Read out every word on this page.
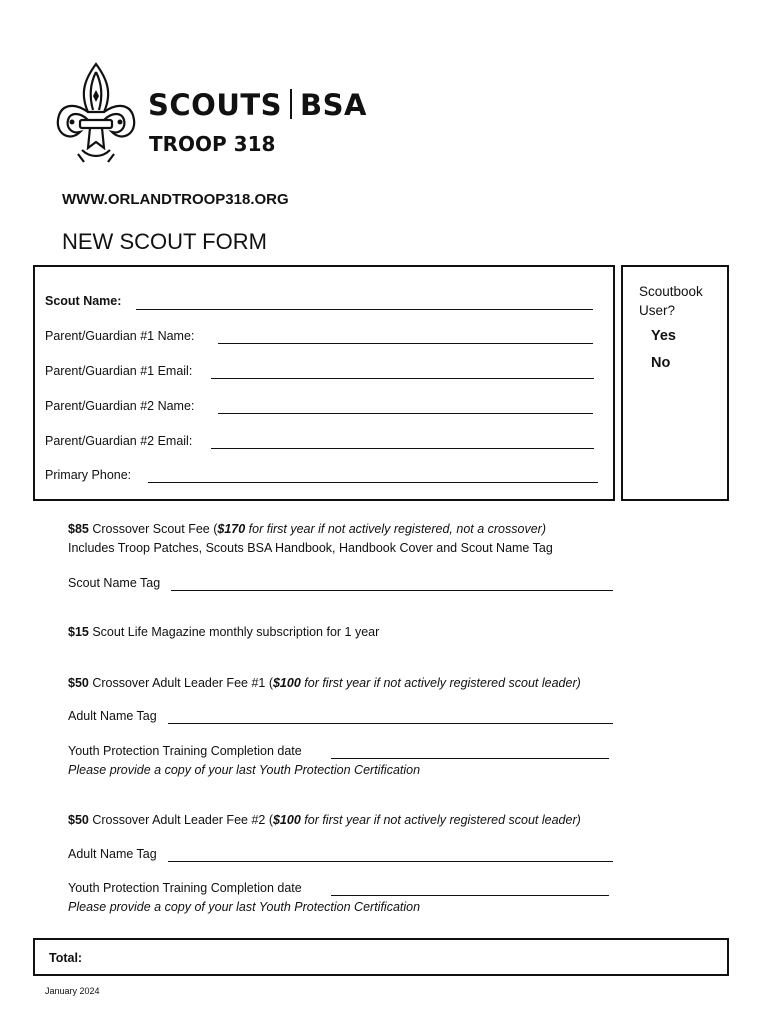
SCOUTS BSA
TROOP 318
WWW.ORLANDTROOP318.ORG
NEW SCOUT FORM
Scout Name:
Parent/Guardian #1 Name:
Parent/Guardian #1 Email:
Parent/Guardian #2 Name:
Parent/Guardian #2 Email:
Primary Phone:
Scoutbook
User?
Yes
No
$85 Crossover Scout Fee ($170 for first year if not actively registered, not a crossover)
Includes Troop Patches, Scouts BSA Handbook, Handbook Cover and Scout Name Tag
Scout Name Tag
$15 Scout Life Magazine monthly subscription for 1 year
$50 Crossover Adult Leader Fee #1 ($100 for first year if not actively registered scout leader)
Adult Name Tag
Youth Protection Training Completion date
Please provide a copy of your last Youth Protection Certification
$50 Crossover Adult Leader Fee #2 ($100 for first year if not actively registered scout leader)
Adult Name Tag
Youth Protection Training Completion date
Please provide a copy of your last Youth Protection Certification
Total:
January 2024
